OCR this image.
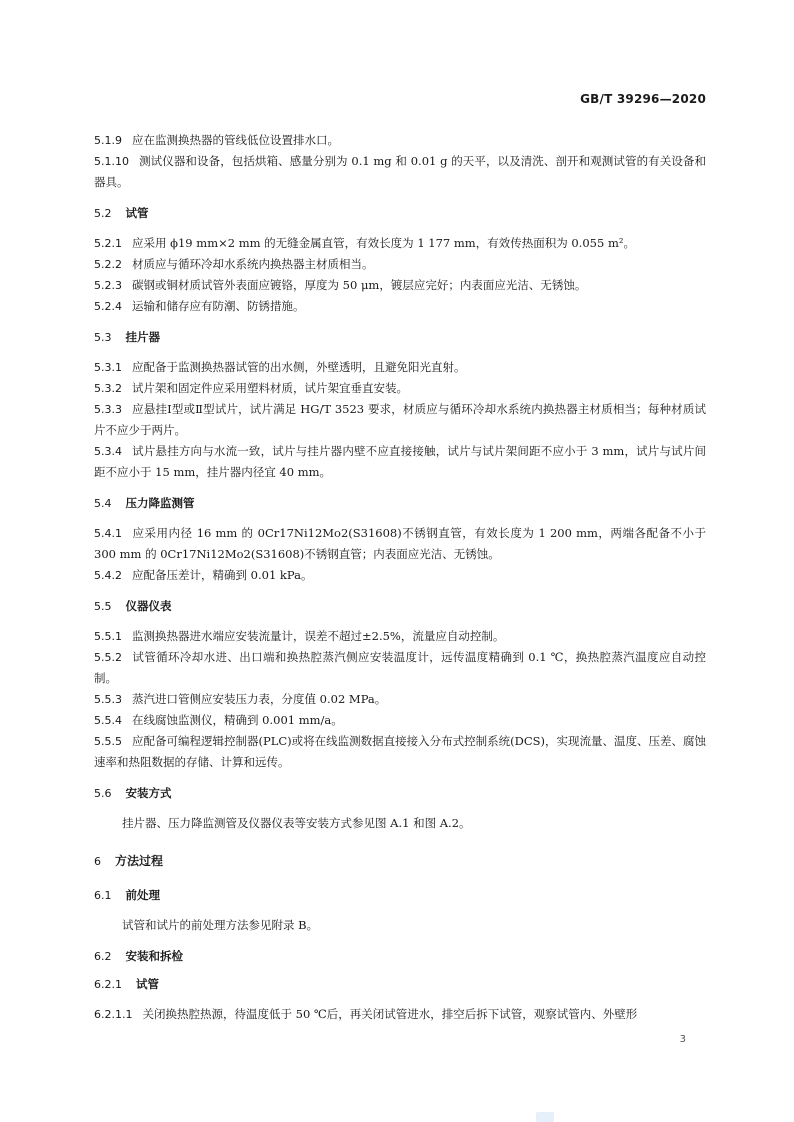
GB/T 39296—2020

5.1.9 应在监测换热器的管线低位设置排水口。

5.1.10 测试仪器和设备，包括烘箱、感量分别为 0.1 mg 和 0.01 g 的天平，以及清洗、剖开和观测试管的有关设备和器具。

5.2 试管

5.2.1 应采用 ϕ19 mm×2 mm 的无缝金属直管，有效长度为 1 177 mm，有效传热面积为 0.055 m²。

5.2.2 材质应与循环冷却水系统内换热器主材质相当。

5.2.3 碳钢或铜材质试管外表面应镀铬，厚度为 50 μm，镀层应完好；内表面应光洁、无锈蚀。

5.2.4 运输和储存应有防潮、防锈措施。

5.3 挂片器

5.3.1 应配备于监测换热器试管的出水侧，外壁透明，且避免阳光直射。

5.3.2 试片架和固定件应采用塑料材质，试片架宜垂直安装。

5.3.3 应悬挂Ⅰ型或Ⅱ型试片，试片满足 HG/T 3523 要求，材质应与循环冷却水系统内换热器主材质相当；每种材质试片不应少于两片。

5.3.4 试片悬挂方向与水流一致，试片与挂片器内壁不应直接接触，试片与试片架间距不应小于 3 mm，试片与试片间距不应小于 15 mm，挂片器内径宜 40 mm。

5.4 压力降监测管

5.4.1 应采用内径 16 mm 的 0Cr17Ni12Mo2(S31608)不锈钢直管，有效长度为 1 200 mm，两端各配备不小于 300 mm 的 0Cr17Ni12Mo2(S31608)不锈钢直管；内表面应光洁、无锈蚀。

5.4.2 应配备压差计，精确到 0.01 kPa。

5.5 仪器仪表

5.5.1 监测换热器进水端应安装流量计，误差不超过±2.5%，流量应自动控制。

5.5.2 试管循环冷却水进、出口端和换热腔蒸汽侧应安装温度计，远传温度精确到 0.1 ℃，换热腔蒸汽温度应自动控制。

5.5.3 蒸汽进口管侧应安装压力表，分度值 0.02 MPa。

5.5.4 在线腐蚀监测仪，精确到 0.001 mm/a。

5.5.5 应配备可编程逻辑控制器(PLC)或将在线监测数据直接接入分布式控制系统(DCS)，实现流量、温度、压差、腐蚀速率和热阻数据的存储、计算和远传。

5.6 安装方式

挂片器、压力降监测管及仪器仪表等安装方式参见图 A.1 和图 A.2。

6 方法过程
6.1 前处理

试管和试片的前处理方法参见附录 B。

6.2 安装和拆检
6.2.1 试管

6.2.1.1 关闭换热腔热源，待温度低于 50 ℃后，再关闭试管进水，排空后拆下试管，观察试管内、外壁形

3
